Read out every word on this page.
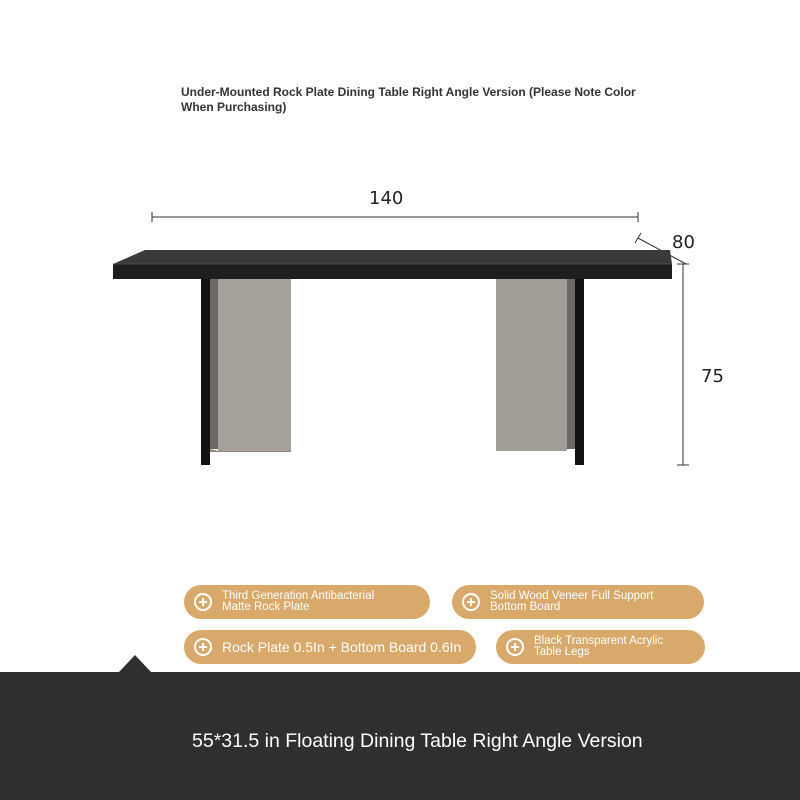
Under-Mounted Rock Plate Dining Table Right Angle Version (Please Note Color When Purchasing)
140
80
75
Third Generation Antibacterial
Matte Rock Plate
Solid Wood Veneer Full Support
Bottom Board
Rock Plate 0.5In + Bottom Board 0.6In	Black Transparent Acrylic
Table Legs
55*31.5 in Floating Dining Table Right Angle Version
